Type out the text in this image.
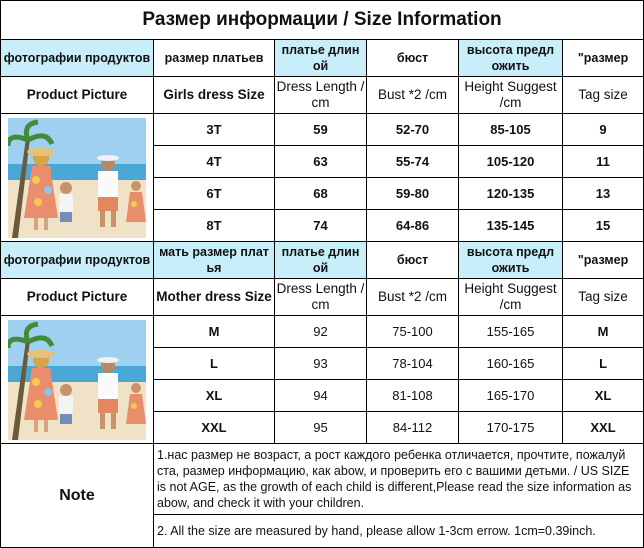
Размер информации / Size Information					
фотографии продуктов	размер платьев	платье длин ой	бюст	высота предл ожить	"размер
Product Picture	Girls dress Size	Dress Length / cm	Bust *2 /cm	Height Suggest /cm	Tag size

	3T	59	52-70	85-105	9
	4T	63	55-74	105-120	11
	6T	68	59-80	120-135	13
	8T	74	64-86	135-145	15
фотографии продуктов	мать размер плат ья	платье длин ой	бюст	высота предл ожить	"размер
Product Picture	Mother dress Size	Dress Length / cm	Bust *2 /cm	Height Suggest /cm	Tag size

	M	92	75-100	155-165	M
	L	93	78-104	160-165	L
	XL	94	81-108	165-170	XL
	XXL	95	84-112	170-175	XXL
Note	1.нас размер не возраст, а рост каждого ребенка отличается, прочтите, пожалуй ста, размер информацию, как abow, и проверить его с вашими детьми. / US SIZE is not AGE, as the growth of each child is different,Please read the size information as abow, and check it with your children.				
	2. All the size are measured by hand, please allow 1-3cm errow. 1cm=0.39inch.				
